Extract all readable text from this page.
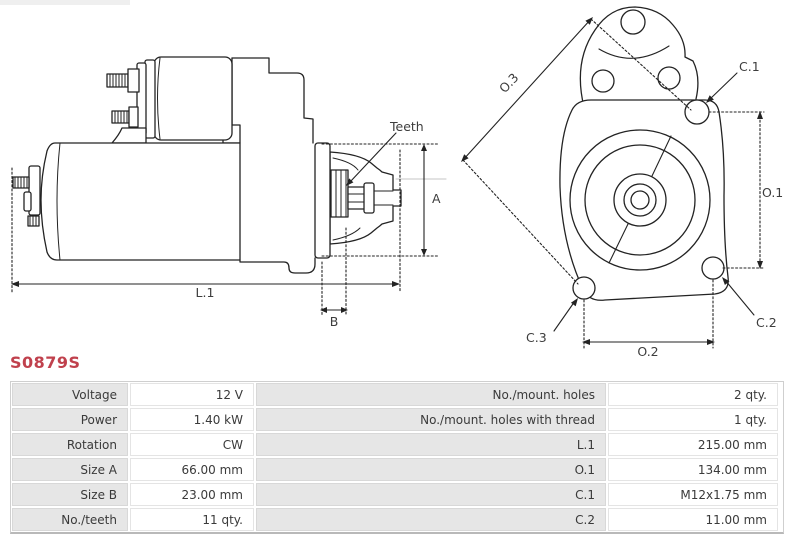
Teeth
A
L.1
B
O.3
C.1
O.1
C.3
O.2
C.2
S0879S
Voltage	12 V	No./mount. holes	2 qty.
Power	1.40 kW	No./mount. holes with thread	1 qty.
Rotation	CW	L.1	215.00 mm
Size A	66.00 mm	O.1	134.00 mm
Size B	23.00 mm	C.1	M12x1.75 mm
No./teeth	11 qty.	C.2	11.00 mm
